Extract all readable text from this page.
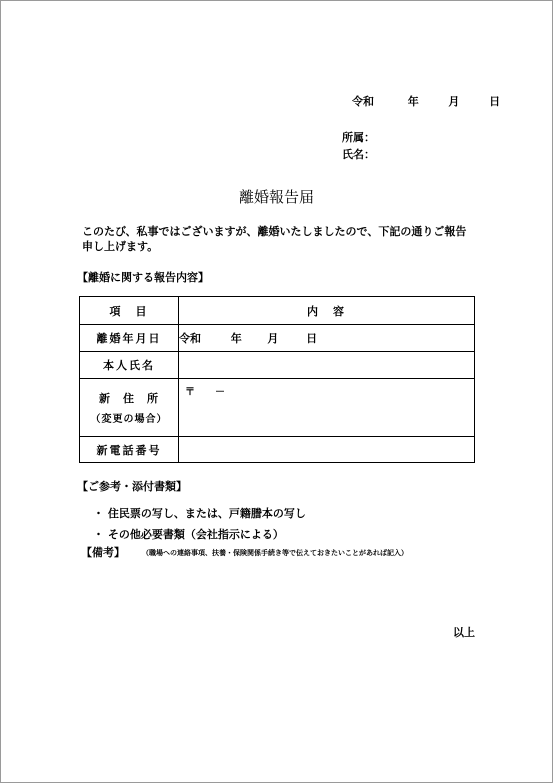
令和	年	月	日
所属：
氏名：
離婚報告届
このたび、私事ではございますが、離婚いたしましたので、下記の通りご報告申し上げます。
【離婚に関する報告内容】
項　目	内　容
離婚年月日	令和 年 月 日
本人氏名	

新　住　所
（変更の場合）	〒　　－
新電話番号	
【ご参考・添付書類】
・ 住民票の写し、または、戸籍謄本の写し
・ その他必要書類（会社指示による）
【備考】 （職場への連絡事項、扶養・保険関係手続き等で伝えておきたいことがあれば記入）
以上
